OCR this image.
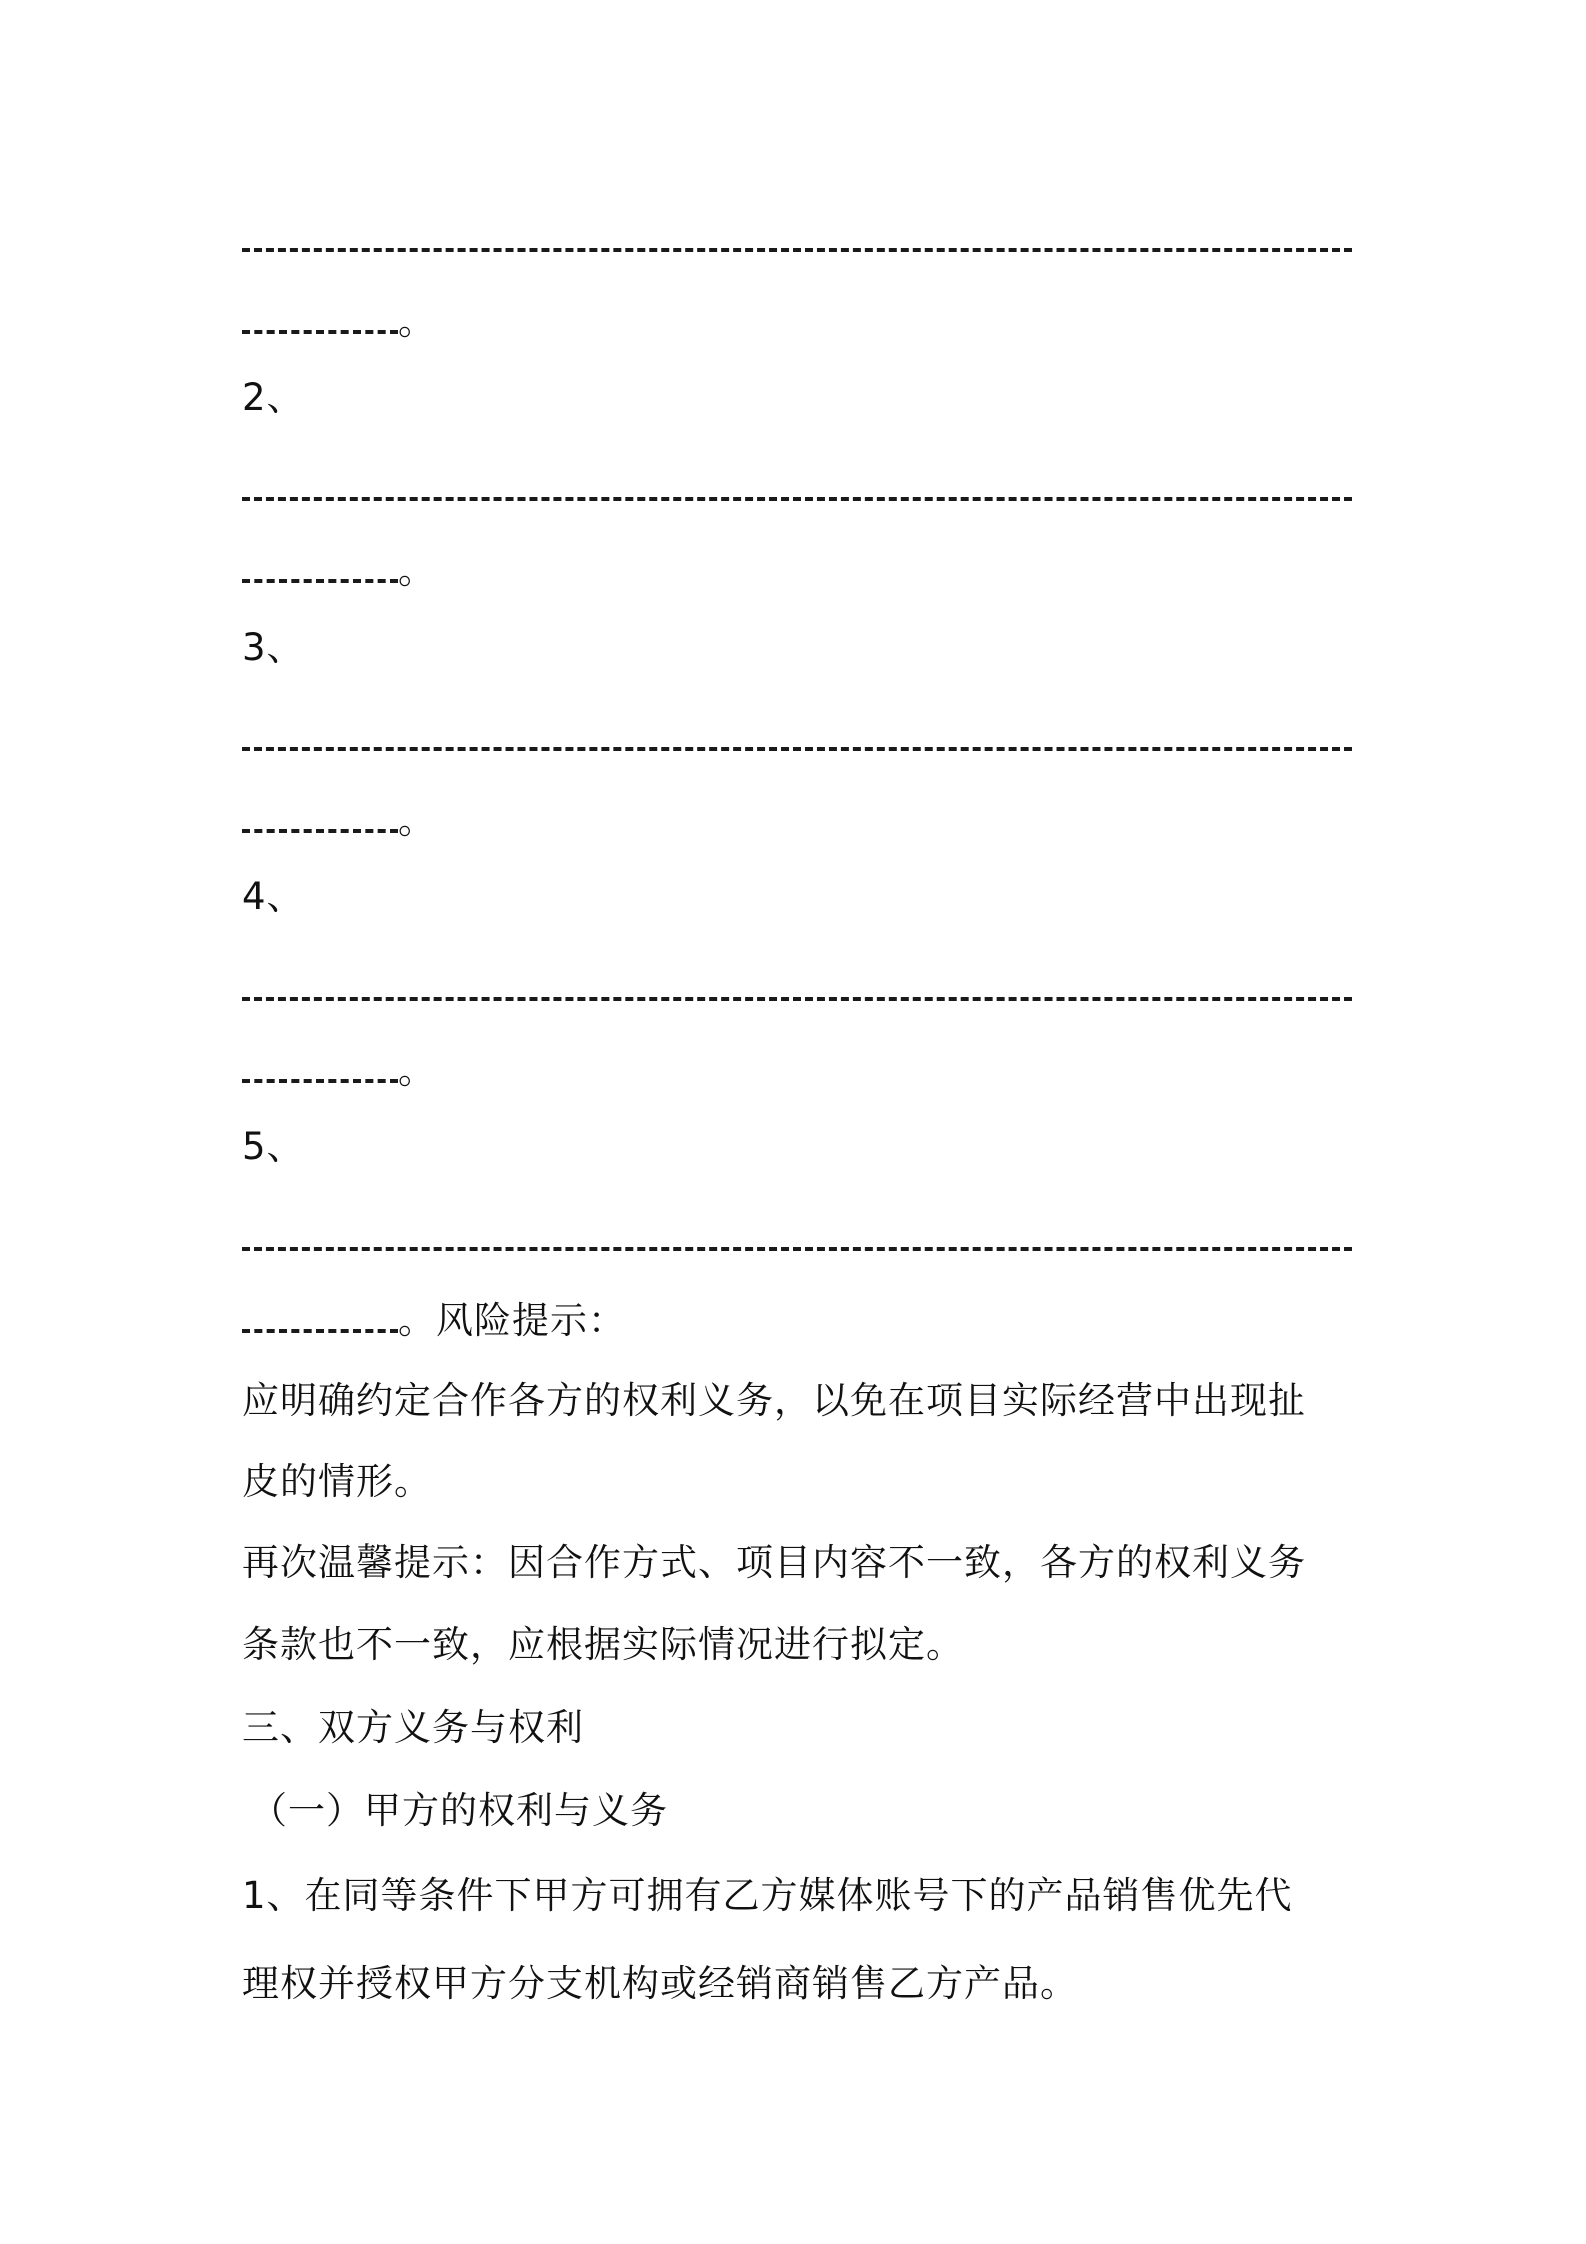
。
2、
。
3、
。
4、
。
5、
。风险提示：
应明确约定合作各方的权利义务，以免在项目实际经营中出现扯
皮的情形。
再次温馨提示：因合作方式、项目内容不一致，各方的权利义务
条款也不一致，应根据实际情况进行拟定。
三、双方义务与权利
（一）甲方的权利与义务
1、在同等条件下甲方可拥有乙方媒体账号下的产品销售优先代
理权并授权甲方分支机构或经销商销售乙方产品。
